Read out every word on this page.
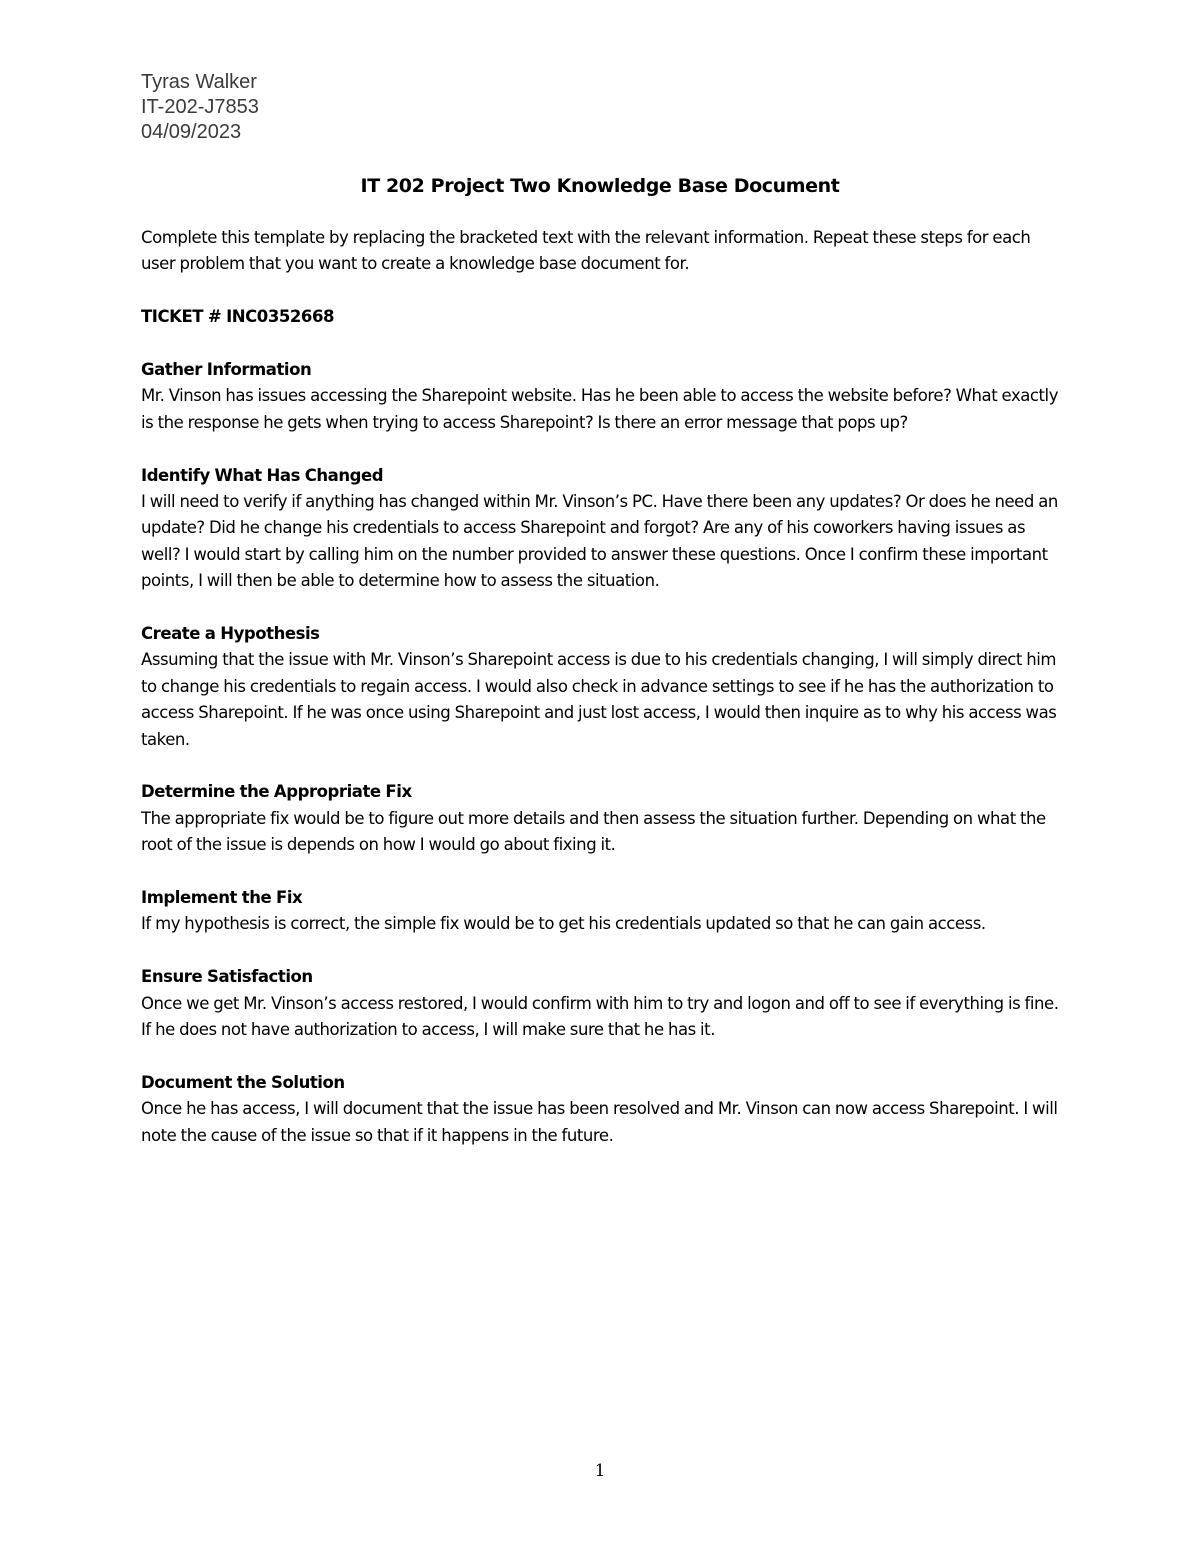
Tyras Walker
IT-202-J7853
04/09/2023
IT 202 Project Two Knowledge Base Document

Complete this template by replacing the bracketed text with the relevant information. Repeat these steps for each user problem that you want to create a knowledge base document for.

TICKET # INC0352668

Gather Information
Mr. Vinson has issues accessing the Sharepoint website. Has he been able to access the website before? What exactly is the response he gets when trying to access Sharepoint? Is there an error message that pops up?

Identify What Has Changed
I will need to verify if anything has changed within Mr. Vinson’s PC. Have there been any updates? Or does he need an update? Did he change his credentials to access Sharepoint and forgot? Are any of his coworkers having issues as well? I would start by calling him on the number provided to answer these questions. Once I confirm these important points, I will then be able to determine how to assess the situation.

Create a Hypothesis
Assuming that the issue with Mr. Vinson’s Sharepoint access is due to his credentials changing, I will simply direct him to change his credentials to regain access. I would also check in advance settings to see if he has the authorization to access Sharepoint. If he was once using Sharepoint and just lost access, I would then inquire as to why his access was taken.

Determine the Appropriate Fix
The appropriate fix would be to figure out more details and then assess the situation further. Depending on what the root of the issue is depends on how I would go about fixing it.

Implement the Fix
If my hypothesis is correct, the simple fix would be to get his credentials updated so that he can gain access.

Ensure Satisfaction
Once we get Mr. Vinson’s access restored, I would confirm with him to try and logon and off to see if everything is fine. If he does not have authorization to access, I will make sure that he has it.

Document the Solution
Once he has access, I will document that the issue has been resolved and Mr. Vinson can now access Sharepoint. I will note the cause of the issue so that if it happens in the future.

1
